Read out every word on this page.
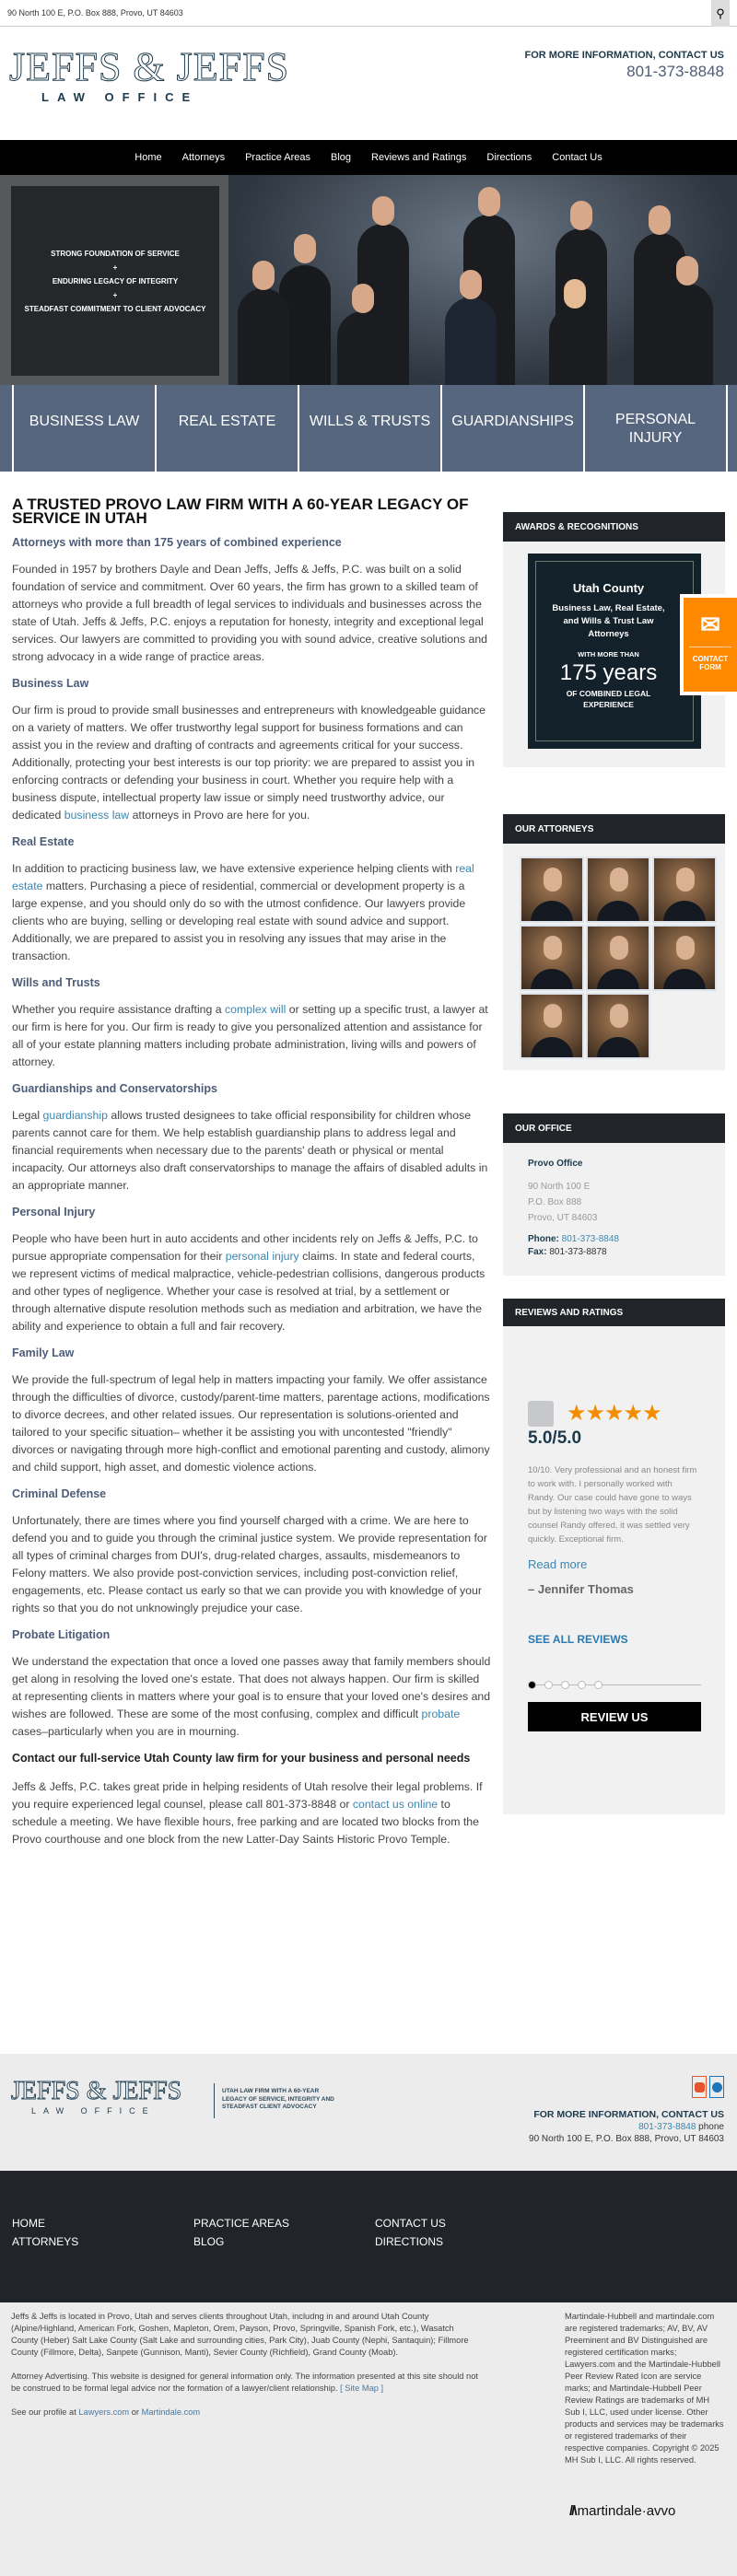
90 North 100 E, P.O. Box 888, Provo, UT 84603	⚲
JEFFS & JEFFS
LAW OFFICE
FOR MORE INFORMATION, CONTACT US
801-373-8848
Home Attorneys Practice Areas Blog Reviews and Ratings Directions Contact Us
STRONG FOUNDATION OF SERVICE
+
ENDURING LEGACY OF INTEGRITY
+
STEADFAST COMMITMENT TO CLIENT ADVOCACY
BUSINESS LAW	REAL ESTATE	WILLS & TRUSTS	GUARDIANSHIPS	PERSONAL INJURY
A TRUSTED PROVO LAW FIRM WITH A 60-YEAR LEGACY OF SERVICE IN UTAH
Attorneys with more than 175 years of combined experience

Founded in 1957 by brothers Dayle and Dean Jeffs, Jeffs & Jeffs, P.C. was built on a solid foundation of service and commitment. Over 60 years, the firm has grown to a skilled team of attorneys who provide a full breadth of legal services to individuals and businesses across the state of Utah. Jeffs & Jeffs, P.C. enjoys a reputation for honesty, integrity and exceptional legal services. Our lawyers are committed to providing you with sound advice, creative solutions and strong advocacy in a wide range of practice areas.

Business Law

Our firm is proud to provide small businesses and entrepreneurs with knowledgeable guidance on a variety of matters. We offer trustworthy legal support for business formations and can assist you in the review and drafting of contracts and agreements critical for your success. Additionally, protecting your best interests is our top priority: we are prepared to assist you in enforcing contracts or defending your business in court. Whether you require help with a business dispute, intellectual property law issue or simply need trustworthy advice, our dedicated business law attorneys in Provo are here for you.

Real Estate

In addition to practicing business law, we have extensive experience helping clients with real estate matters. Purchasing a piece of residential, commercial or development property is a large expense, and you should only do so with the utmost confidence. Our lawyers provide clients who are buying, selling or developing real estate with sound advice and support. Additionally, we are prepared to assist you in resolving any issues that may arise in the transaction.

Wills and Trusts

Whether you require assistance drafting a complex will or setting up a specific trust, a lawyer at our firm is here for you. Our firm is ready to give you personalized attention and assistance for all of your estate planning matters including probate administration, living wills and powers of attorney.

Guardianships and Conservatorships

Legal guardianship allows trusted designees to take official responsibility for children whose parents cannot care for them. We help establish guardianship plans to address legal and financial requirements when necessary due to the parents' death or physical or mental incapacity. Our attorneys also draft conservatorships to manage the affairs of disabled adults in an appropriate manner.

Personal Injury

People who have been hurt in auto accidents and other incidents rely on Jeffs & Jeffs, P.C. to pursue appropriate compensation for their personal injury claims. In state and federal courts, we represent victims of medical malpractice, vehicle-pedestrian collisions, dangerous products and other types of negligence. Whether your case is resolved at trial, by a settlement or through alternative dispute resolution methods such as mediation and arbitration, we have the ability and experience to obtain a full and fair recovery.

Family Law

We provide the full-spectrum of legal help in matters impacting your family. We offer assistance through the difficulties of divorce, custody/parent-time matters, parentage actions, modifications to divorce decrees, and other related issues. Our representation is solutions-oriented and tailored to your specific situation– whether it be assisting you with uncontested "friendly" divorces or navigating through more high-conflict and emotional parenting and custody, alimony and child support, high asset, and domestic violence actions.

Criminal Defense

Unfortunately, there are times where you find yourself charged with a crime. We are here to defend you and to guide you through the criminal justice system. We provide representation for all types of criminal charges from DUI's, drug-related charges, assaults, misdemeanors to Felony matters. We also provide post-conviction services, including post-conviction relief, engagements, etc. Please contact us early so that we can provide you with knowledge of your rights so that you do not unknowingly prejudice your case.

Probate Litigation

We understand the expectation that once a loved one passes away that family members should get along in resolving the loved one's estate. That does not always happen. Our firm is skilled at representing clients in matters where your goal is to ensure that your loved one's desires and wishes are followed. These are some of the most confusing, complex and difficult probate cases–particularly when you are in mourning.

Contact our full-service Utah County law firm for your business and personal needs

Jeffs & Jeffs, P.C. takes great pride in helping residents of Utah resolve their legal problems. If you require experienced legal counsel, please call 801-373-8848 or contact us online to schedule a meeting. We have flexible hours, free parking and are located two blocks from the Provo courthouse and one block from the new Latter-Day Saints Historic Provo Temple.

AWARDS & RECOGNITIONS
Utah County
Business Law, Real Estate, and Wills & Trust Law Attorneys
WITH MORE THAN
175 years
OF COMBINED LEGAL EXPERIENCE
✉
CONTACT FORM
OUR ATTORNEYS
OUR OFFICE
Provo Office
90 North 100 E
P.O. Box 888
Provo, UT 84603
Phone: 801-373-8848
Fax: 801-373-8878
REVIEWS AND RATINGS
★★★★★
5.0/5.0
10/10. Very professional and an honest firm to work with. I personally worked with Randy. Our case could have gone to ways but by listening two ways with the solid counsel Randy offered, it was settled very quickly. Exceptional firm.
Read more
– Jennifer Thomas
SEE ALL REVIEWS
REVIEW US
JEFFS & JEFFS
LAW OFFICE
UTAH LAW FIRM WITH A 60-YEAR LEGACY OF SERVICE, INTEGRITY AND STEADFAST CLIENT ADVOCACY
FOR MORE INFORMATION, CONTACT US
801-373-8848 phone
90 North 100 E, P.O. Box 888, Provo, UT 84603
HOME
ATTORNEYS
PRACTICE AREAS
BLOG
CONTACT US
DIRECTIONS

Jeffs & Jeffs is located in Provo, Utah and serves clients throughout Utah, includng in and around Utah County (Alpine/Highland, American Fork, Goshen, Mapleton, Orem, Payson, Provo, Springville, Spanish Fork, etc.), Wasatch County (Heber) Salt Lake County (Salt Lake and surrounding cities, Park City), Juab County (Nephi, Santaquin); Fillmore County (Fillmore, Delta), Sanpete (Gunnison, Manti), Sevier County (Richfield), Grand County (Moab).

Attorney Advertising. This website is designed for general information only. The information presented at this site should not be construed to be formal legal advice nor the formation of a lawyer/client relationship. [ Site Map ]

See our profile at Lawyers.com or Martindale.com

Martindale-Hubbell and martindale.com are registered trademarks; AV, BV, AV Preeminent and BV Distinguished are registered certification marks; Lawyers.com and the Martindale-Hubbell Peer Review Rated Icon are service marks; and Martindale-Hubbell Peer Review Ratings are trademarks of MH Sub I, LLC, used under license. Other products and services may be trademarks or registered trademarks of their respective companies. Copyright © 2025 MH Sub I, LLC. All rights reserved.
//\ martindale·avvo
